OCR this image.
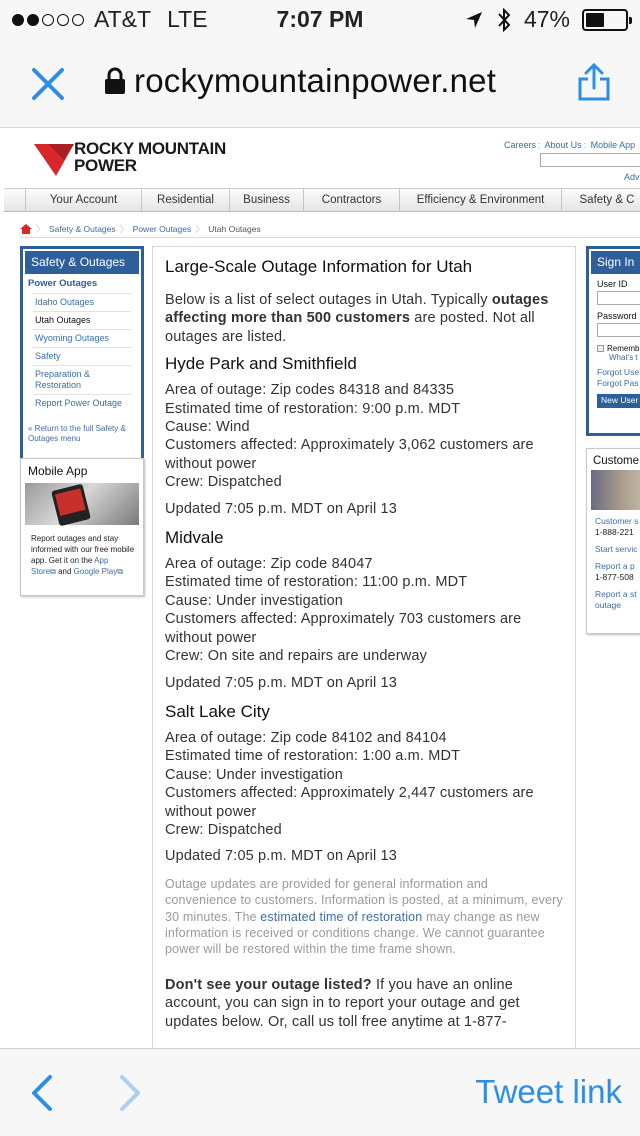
AT&T LTE	7:07 PM	47%
rockymountainpower.net
ROCKY MOUNTAIN
POWER
Careers : About Us : Mobile App
Adv
Your Account	Residential	Business	Contractors	Efficiency & Environment	Safety & C
〉 Safety & Outages 〉 Power Outages 〉 Utah Outages
Safety & Outages
Power Outages
Idaho Outages
Utah Outages
Wyoming Outages
Safety
Preparation & Restoration
Report Power Outage
« Return to the full Safety & Outages menu
Mobile App
Report outages and stay informed with our free mobile app. Get it on the App Store⧉ and Google Play⧉
Large-Scale Outage Information for Utah

Below is a list of select outages in Utah. Typically outages affecting more than 500 customers are posted. Not all outages are listed.

Hyde Park and Smithfield

Area of outage: Zip codes 84318 and 84335

Estimated time of restoration: 9:00 p.m. MDT

Cause: Wind

Customers affected: Approximately 3,062 customers are without power

Crew: Dispatched

Updated 7:05 p.m. MDT on April 13

Midvale

Area of outage: Zip code 84047

Estimated time of restoration: 11:00 p.m. MDT

Cause: Under investigation

Customers affected: Approximately 703 customers are without power

Crew: On site and repairs are underway

Updated 7:05 p.m. MDT on April 13

Salt Lake City

Area of outage: Zip code 84102 and 84104

Estimated time of restoration: 1:00 a.m. MDT

Cause: Under investigation

Customers affected: Approximately 2,447 customers are without power

Crew: Dispatched

Updated 7:05 p.m. MDT on April 13

Outage updates are provided for general information and convenience to customers. Information is posted, at a minimum, every 30 minutes. The estimated time of restoration may change as new information is received or conditions change. We cannot guarantee power will be restored within the time frame shown.

Don't see your outage listed? If you have an online account, you can sign in to report your outage and get updates below. Or, call us toll free anytime at 1-877-

Sign In
User ID
Password
Rememb
What's t
Forgot Use
Forgot Pas
New User
Custome
Customer s
1-888-221
Start servic
Report a p
1-877-508
Report a st
outage
Tweet link
